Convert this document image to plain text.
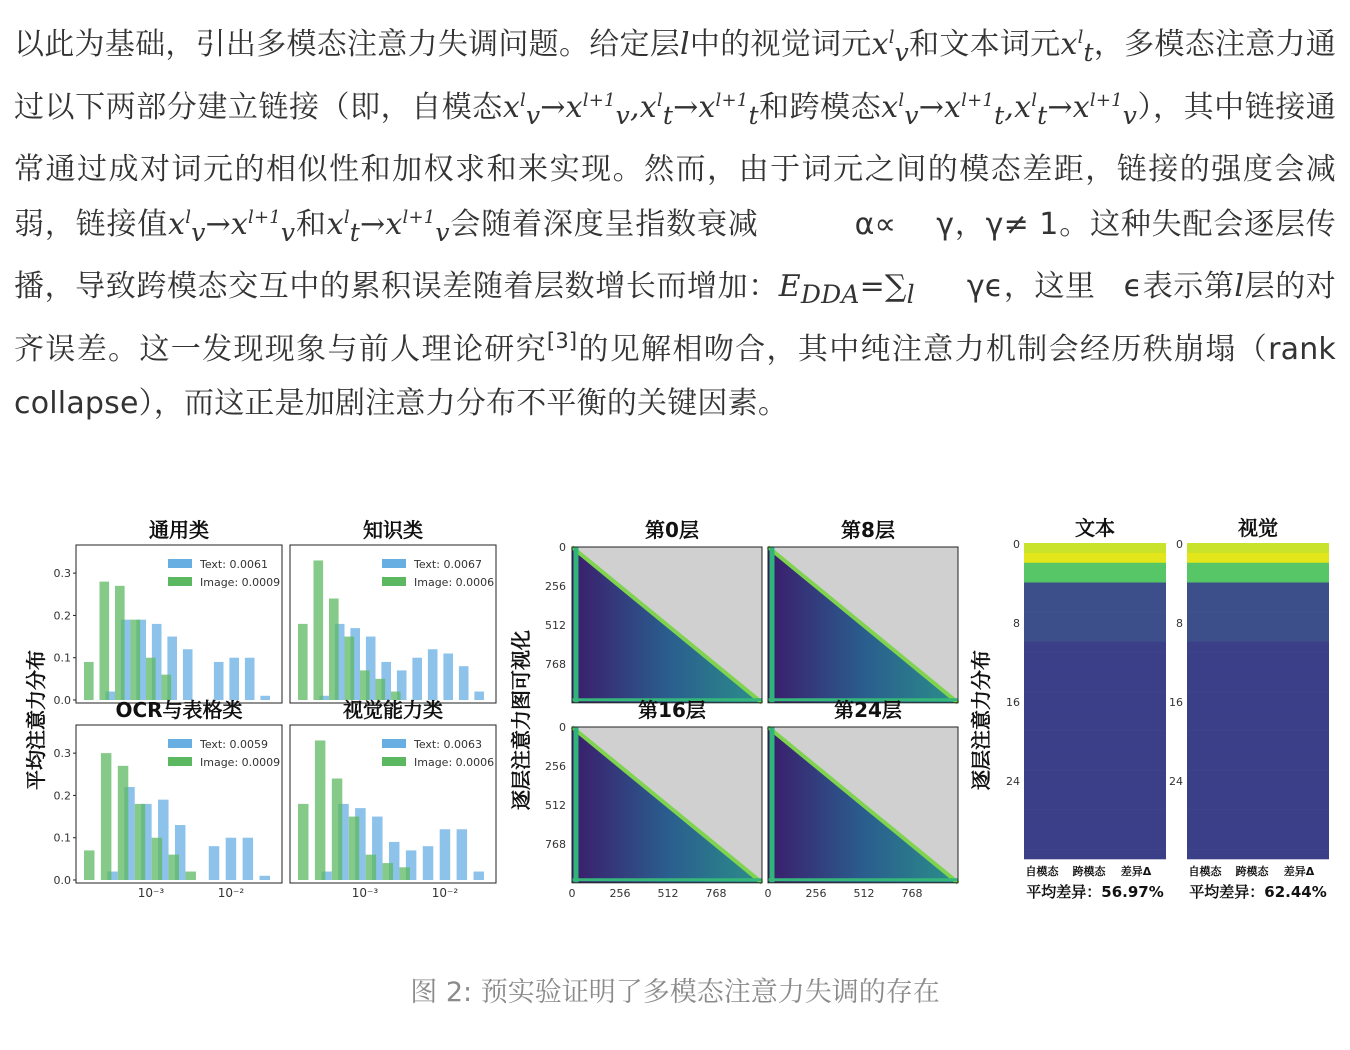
以此为基础，引出多模态注意力失调问题。给定层l中的视觉词元$x^l_v$和文本词元$x^l_t$，多模态注意力通过以下两部分建立链接（即，自模态$x^l_v\to x^{l+1}_v,x^l_t\to x^{l+1}_t$和跨模态$x^l_v\to x^{l+1}_t,x^l_t\to x^{l+1}_v$），其中链接通常通过成对词元的相似性和加权求和来实现。然而，由于词元之间的模态差距，链接的强度会减弱，链接值$x^l_v\to x^{l+1}_v$和$x^l_t\to x^{l+1}_v$会随着深度呈指数衰减	α∝ γ，γ≠ 1。这种失配会逐层传播，导致跨模态交互中的累积误差随着层数增长而增加：$E_{DDA}=\sum_l$ γϵ，这里 ϵ表示第l层的对齐误差。这一发现现象与前人理论研究[3]的见解相吻合，其中纯注意力机制会经历秩崩塌（rank collapse），而这正是加剧注意力分布不平衡的关键因素。
平均注意力分布
通用类
0.0
0.1
0.2
0.3
Text: 0.0061
Image: 0.0009
知识类
Text: 0.0067
Image: 0.0006
OCR与表格类
0.0
0.1
0.2
0.3
Text: 0.0059
Image: 0.0009
10⁻³	10⁻²
视觉能力类
Text: 0.0063
Image: 0.0006
10⁻³	10⁻²
逐层注意力图可视化
第0层
0
256
512
768
第8层
第16层
0
256
512
768
0	256 512 768
第24层
0	256 512 768
逐层注意力分布
文本
0
8
16
24
自模态 跨模态 差异Δ
平均差异：56.97%
视觉
0
8
16
24
自模态 跨模态 差异Δ
平均差异：62.44%
图 2: 预实验证明了多模态注意力失调的存在
